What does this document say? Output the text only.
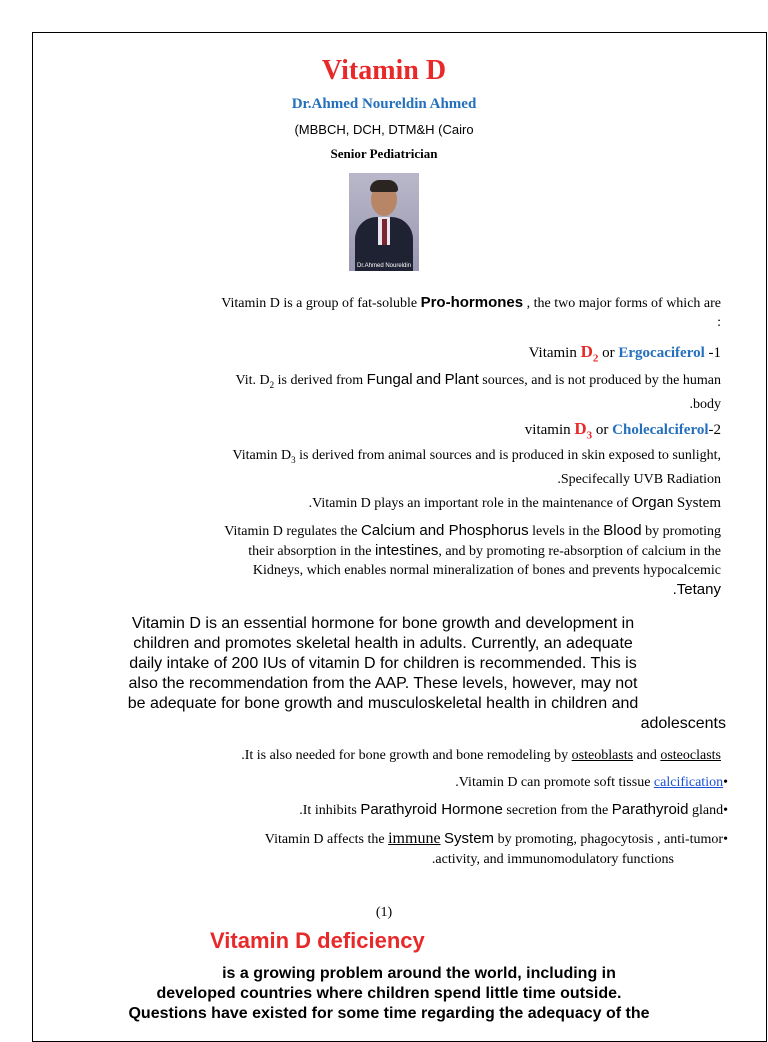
Vitamin D
Dr.Ahmed Noureldin Ahmed
(MBBCH, DCH, DTM&H (Cairo
Senior Pediatrician
Dr.Ahmed Noureldin
Vitamin D is a group of fat-soluble Pro-hormones , the two major forms of which are
:
Vitamin $D_2$ or Ergocaciferol -1
Vit. $D_2$ is derived from Fungal and Plant sources, and is not produced by the human
.body
vitamin $D_3$ or Cholecalciferol-2
Vitamin $D_3$ is derived from animal sources and is produced in skin exposed to sunlight,
.Specifecally UVB Radiation
.Vitamin D plays an important role in the maintenance of Organ System
Vitamin D regulates the Calcium and Phosphorus levels in the Blood by promoting
their absorption in the intestines, and by promoting re-absorption of calcium in the
Kidneys, which enables normal mineralization of bones and prevents hypocalcemic
.Tetany
Vitamin D is an essential hormone for bone growth and development in
children and promotes skeletal health in adults. Currently, an adequate
daily intake of 200 IUs of vitamin D for children is recommended. This is
also the recommendation from the AAP. These levels, however, may not
be adequate for bone growth and musculoskeletal health in children and
adolescents
.It is also needed for bone growth and bone remodeling by osteoblasts and osteoclasts
.Vitamin D can promote soft tissue calcification•
.It inhibits Parathyroid Hormone secretion from the Parathyroid gland•
Vitamin D affects the immune System by promoting, phagocytosis , anti-tumor•
.activity, and immunomodulatory functions
(1)
Vitamin D deficiency
is a growing problem around the world, including in
developed countries where children spend little time outside.
Questions have existed for some time regarding the adequacy of the
